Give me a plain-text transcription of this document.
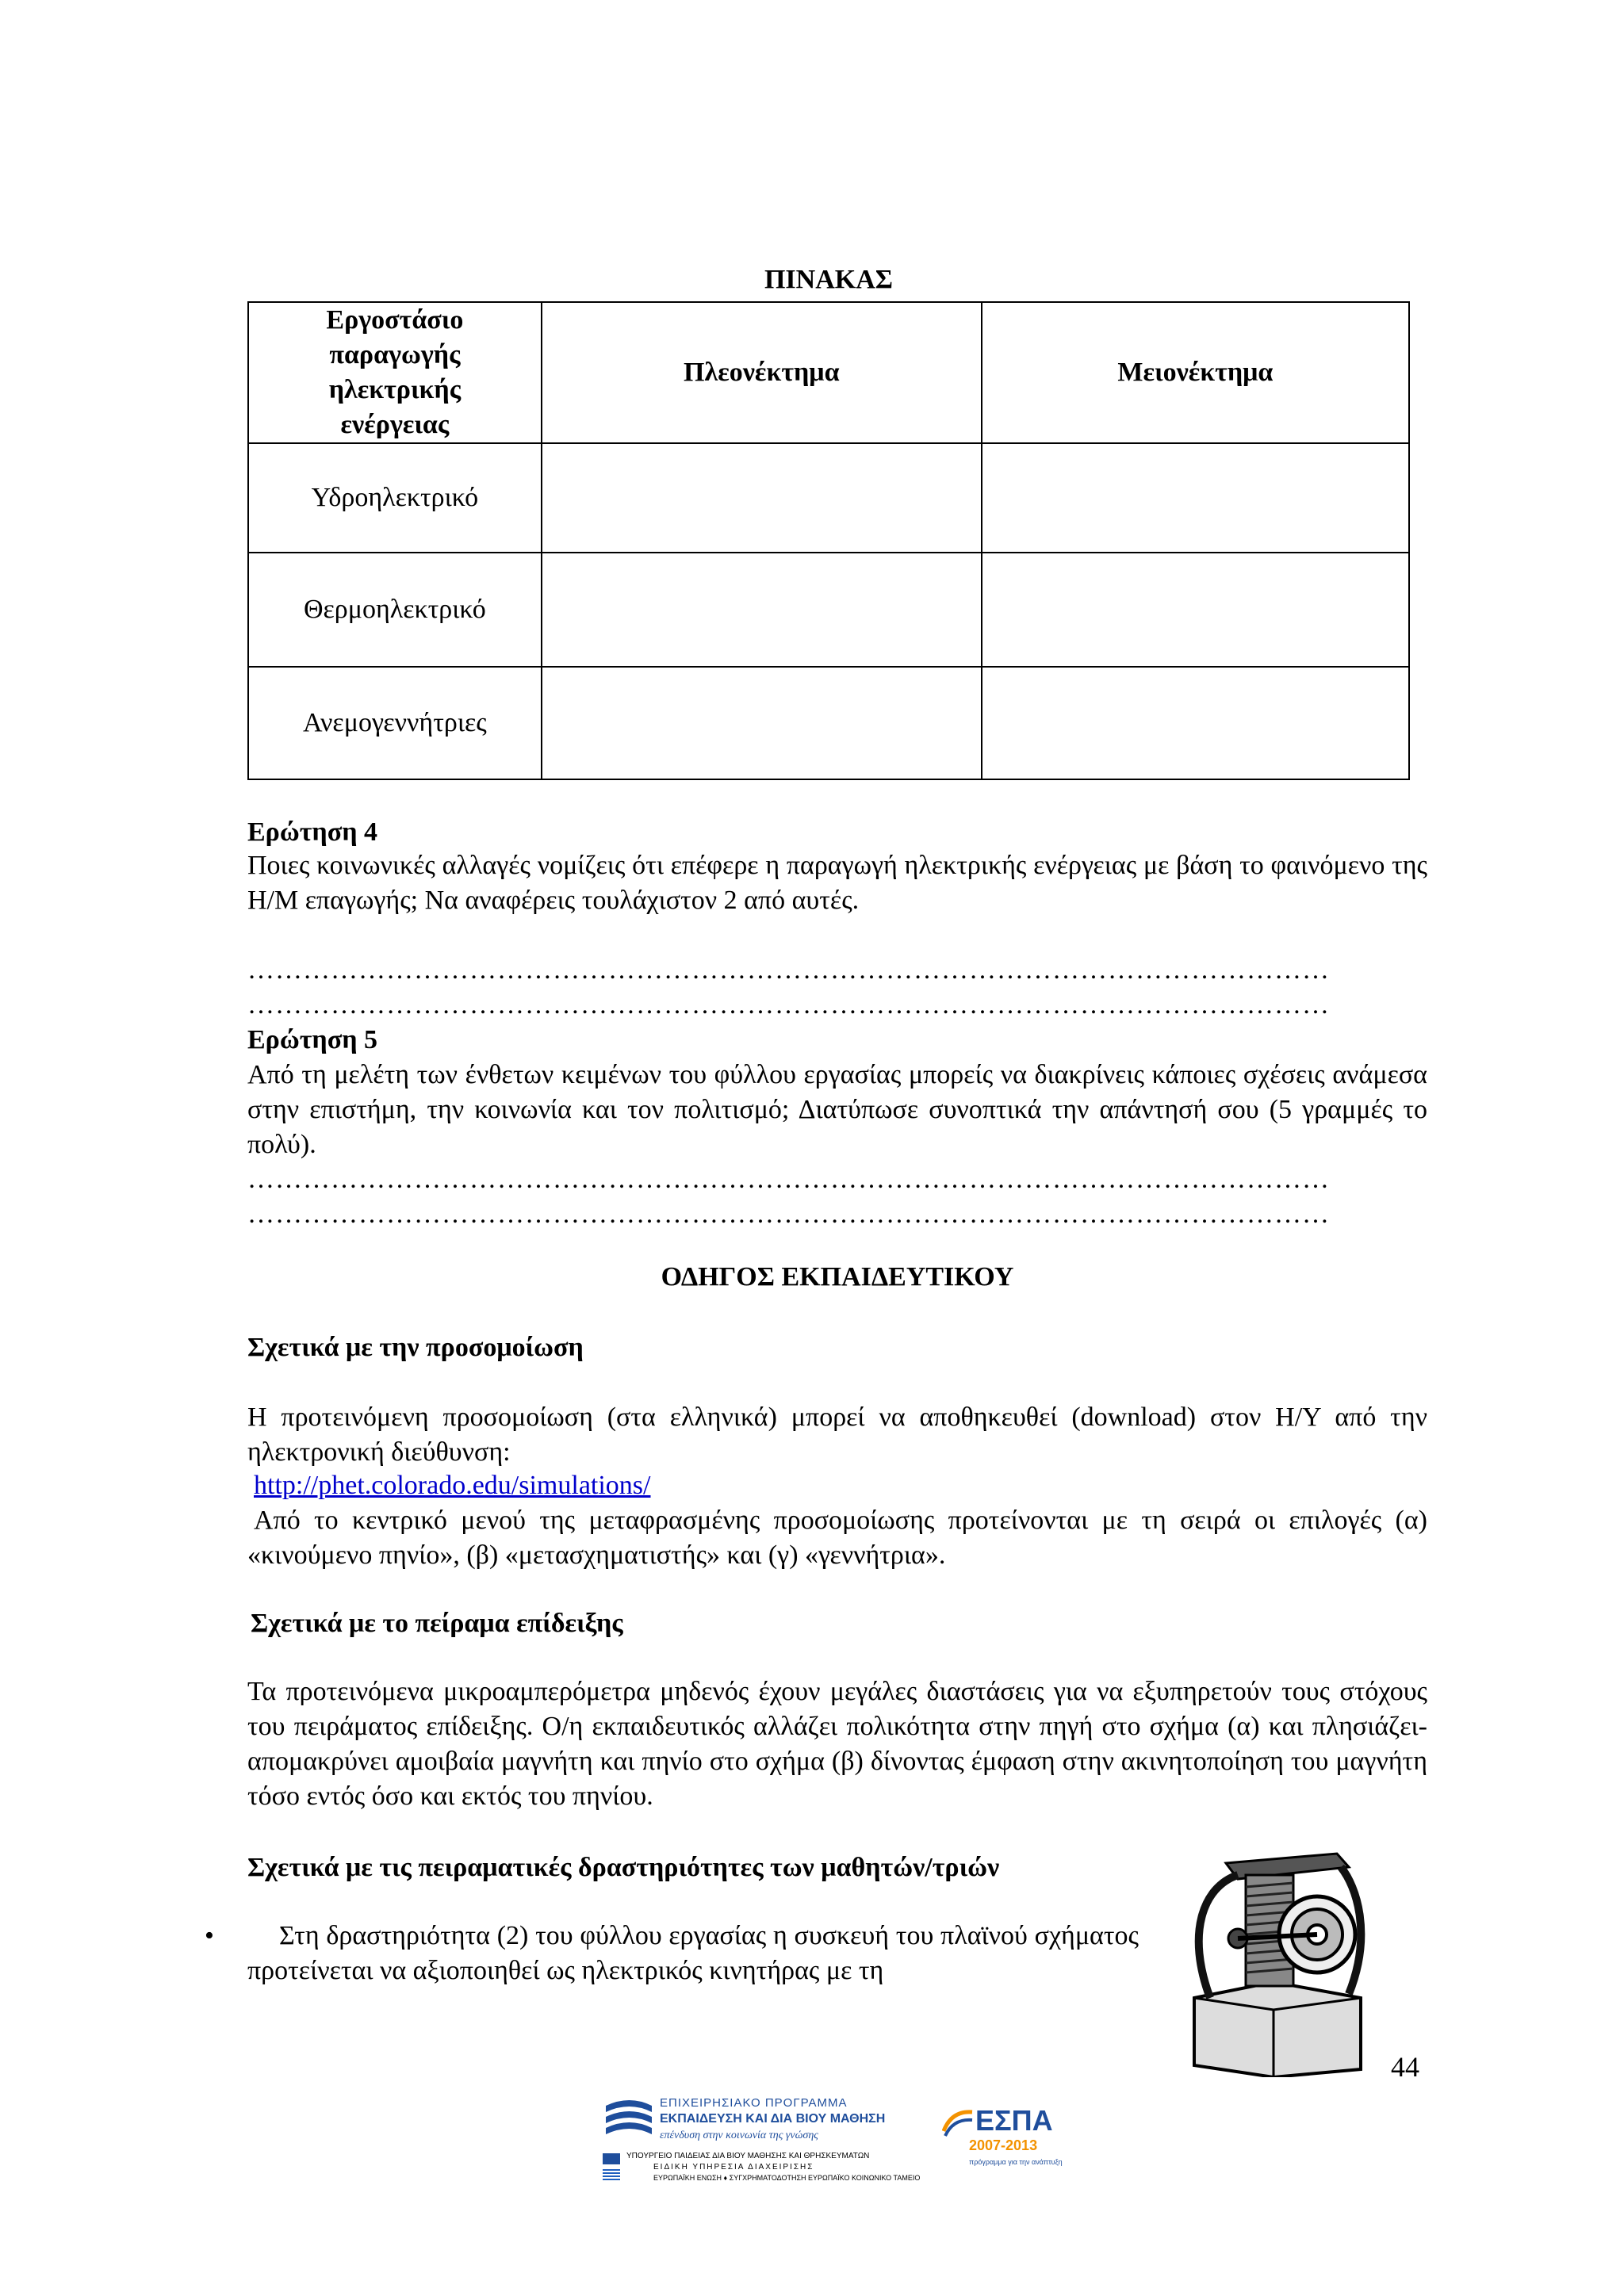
ΠΙΝΑΚΑΣ
Εργοστάσιο παραγωγής ηλεκτρικής ενέργειας	Πλεονέκτημα	Μειονέκτημα
Υδροηλεκτρικό		
Θερμοηλεκτρικό		
Ανεμογεννήτριες		
Ερώτηση 4
Ποιες κοινωνικές αλλαγές νομίζεις ότι επέφερε η παραγωγή ηλεκτρικής ενέργειας με βάση το φαινόμενο της Η/Μ επαγωγής; Να αναφέρεις τουλάχιστον 2 από αυτές.
………………………………………………………………………………………………………
………………………………………………………………………………………………………
Ερώτηση 5
Από τη μελέτη των ένθετων κειμένων του φύλλου εργασίας μπορείς να διακρίνεις κάποιες σχέσεις ανάμεσα στην επιστήμη, την κοινωνία και τον πολιτισμό; Διατύπωσε συνοπτικά την απάντησή σου (5 γραμμές το πολύ).
………………………………………………………………………………………………………
………………………………………………………………………………………………………
ΟΔΗΓΟΣ ΕΚΠΑΙΔΕΥΤΙΚΟΥ
Σχετικά με την προσομοίωση
Η προτεινόμενη προσομοίωση (στα ελληνικά) μπορεί να αποθηκευθεί (download) στον Η/Υ από την ηλεκτρονική διεύθυνση:
http://phet.colorado.edu/simulations/
Από το κεντρικό μενού της μεταφρασμένης προσομοίωσης προτείνονται με τη σειρά οι επιλογές (α) «κινούμενο πηνίο», (β) «μετασχηματιστής» και (γ) «γεννήτρια».
Σχετικά με το πείραμα επίδειξης
Τα προτεινόμενα μικροαμπερόμετρα μηδενός έχουν μεγάλες διαστάσεις για να εξυπηρετούν τους στόχους του πειράματος επίδειξης. Ο/η εκπαιδευτικός αλλάζει πολικότητα στην πηγή στο σχήμα (α) και πλησιάζει-απομακρύνει αμοιβαία μαγνήτη και πηνίο στο σχήμα (β) δίνοντας έμφαση στην ακινητοποίηση του μαγνήτη τόσο εντός όσο και εκτός του πηνίου.
Σχετικά με τις πειραματικές δραστηριότητες των μαθητών/τριών
•	Στη δραστηριότητα (2) του φύλλου εργασίας η συσκευή του πλαϊνού σχήματος προτείνεται να αξιοποιηθεί ως ηλεκτρικός κινητήρας με τη
44
ΕΠΙΧΕΙΡΗΣΙΑΚΟ ΠΡΟΓΡΑΜΜΑ
ΕΚΠΑΙΔΕΥΣΗ ΚΑΙ ΔΙΑ ΒΙΟΥ ΜΑΘΗΣΗ
επένδυση στην κοινωνία της γνώσης
ΥΠΟΥΡΓΕΙΟ ΠΑΙΔΕΙΑΣ ΔΙΑ ΒΙΟΥ ΜΑΘΗΣΗΣ ΚΑΙ ΘΡΗΣΚΕΥΜΑΤΩΝ
ΕΙΔΙΚΗ ΥΠΗΡΕΣΙΑ ΔΙΑΧΕΙΡΙΣΗΣ
ΕΥΡΩΠΑΪΚΗ ΕΝΩΣΗ ♦ ΣΥΓΧΡΗΜΑΤΟΔΟΤΗΣΗ ΕΥΡΩΠΑΪΚΟ ΚΟΙΝΩΝΙΚΟ ΤΑΜΕΙΟ
ΕΣΠΑ
2007-2013
πρόγραμμα για την ανάπτυξη
